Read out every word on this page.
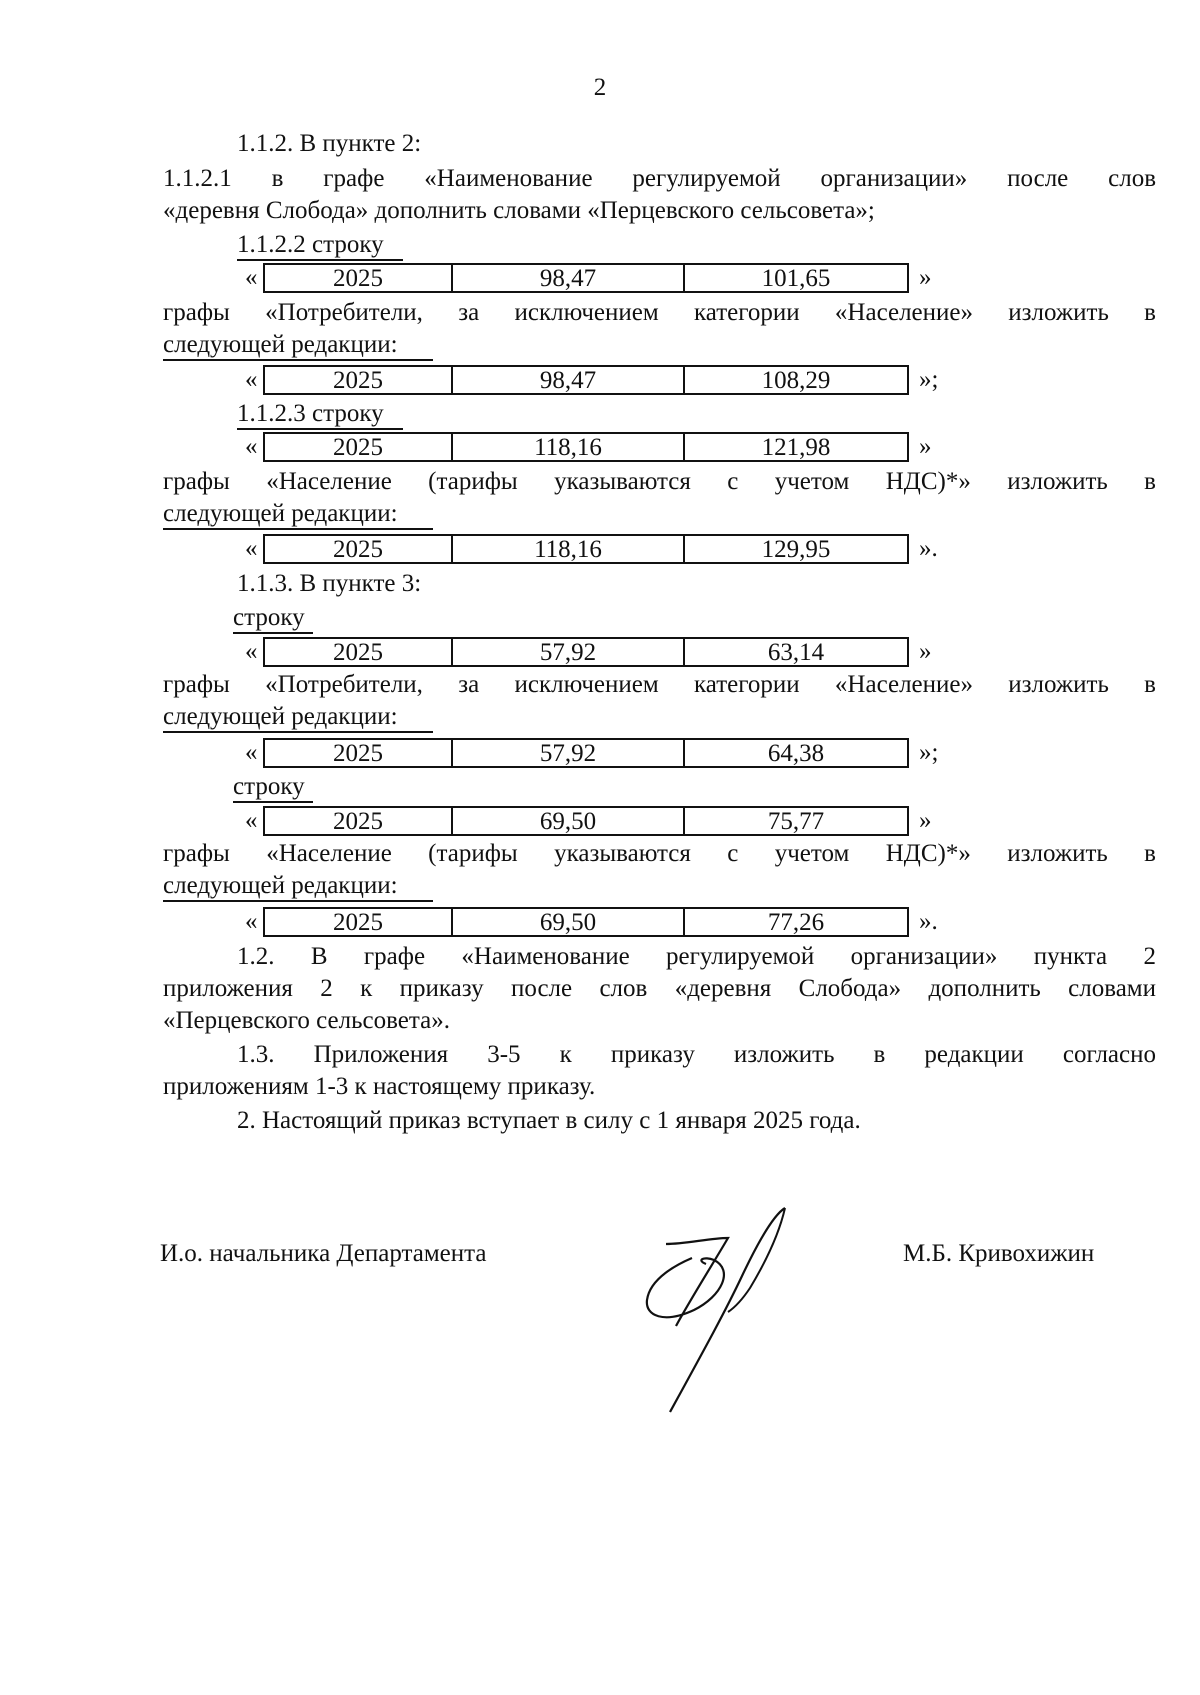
2
1.1.2. В пункте 2:
1.1.2.1 в графе «Наименование регулируемой организации» после слов
«деревня Слобода» дополнить словами «Перцевского сельсовета»;
1.1.2.2 строку
«	2025	98,47	101,65	»
графы «Потребители, за исключением категории «Население» изложить в
следующей редакции:
«	2025	98,47	108,29	»;
1.1.2.3 строку
«	2025	118,16	121,98	»
графы «Население (тарифы указываются с учетом НДС)*» изложить в
следующей редакции:
«	2025	118,16	129,95	».
1.1.3. В пункте 3:
строку
«	2025	57,92	63,14	»
графы «Потребители, за исключением категории «Население» изложить в
следующей редакции:
«	2025	57,92	64,38	»;
строку
«	2025	69,50	75,77	»
графы «Население (тарифы указываются с учетом НДС)*» изложить в
следующей редакции:
«	2025	69,50	77,26	».
1.2. В графе «Наименование регулируемой организации» пункта 2
приложения 2 к приказу после слов «деревня Слобода» дополнить словами
«Перцевского сельсовета».
1.3. Приложения 3-5 к приказу изложить в редакции согласно
приложениям 1-3 к настоящему приказу.
2. Настоящий приказ вступает в силу с 1 января 2025 года.
И.о. начальника Департамента	М.Б. Кривохижин
